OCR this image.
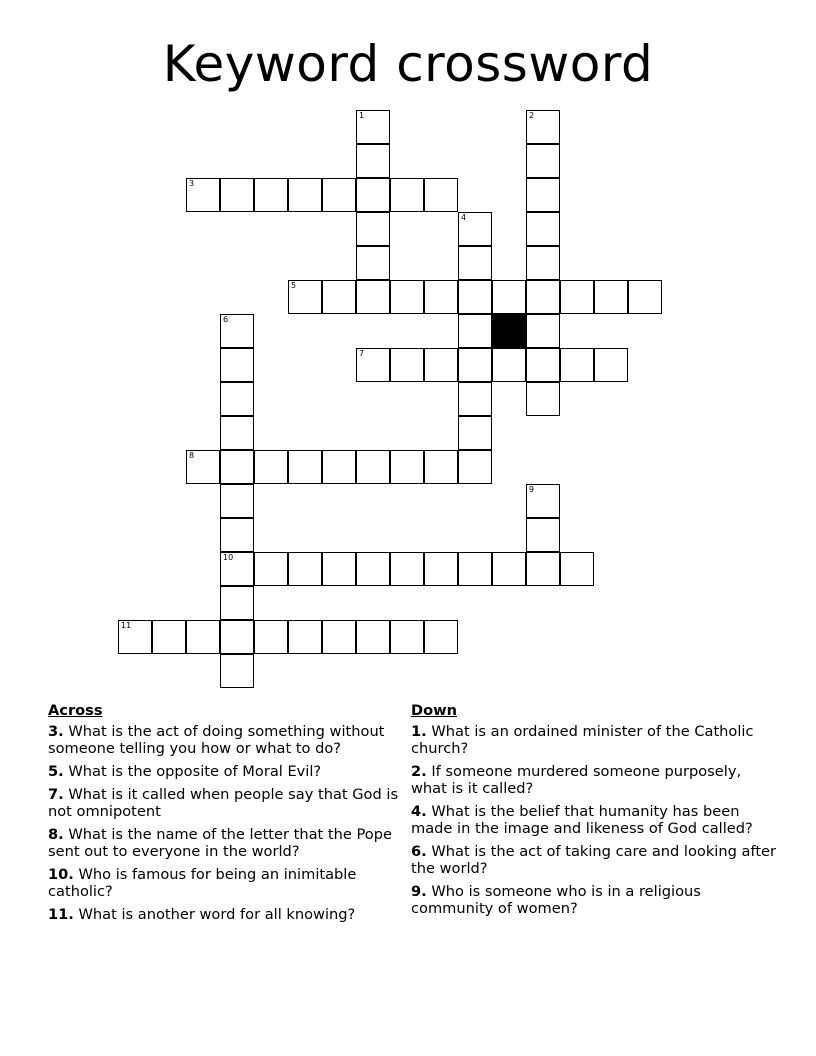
Keyword crossword
1	2
3
4
5
6
10
7
8
9
11
Across
3. What is the act of doing something without someone telling you how or what to do?
5. What is the opposite of Moral Evil?
7. What is it called when people say that God is not omnipotent
8. What is the name of the letter that the Pope sent out to everyone in the world?
10. Who is famous for being an inimitable catholic?
11. What is another word for all knowing?
Down
1. What is an ordained minister of the Catholic church?
2. If someone murdered someone purposely, what is it called?
4. What is the belief that humanity has been made in the image and likeness of God called?
6. What is the act of taking care and looking after the world?
9. Who is someone who is in a religious community of women?
